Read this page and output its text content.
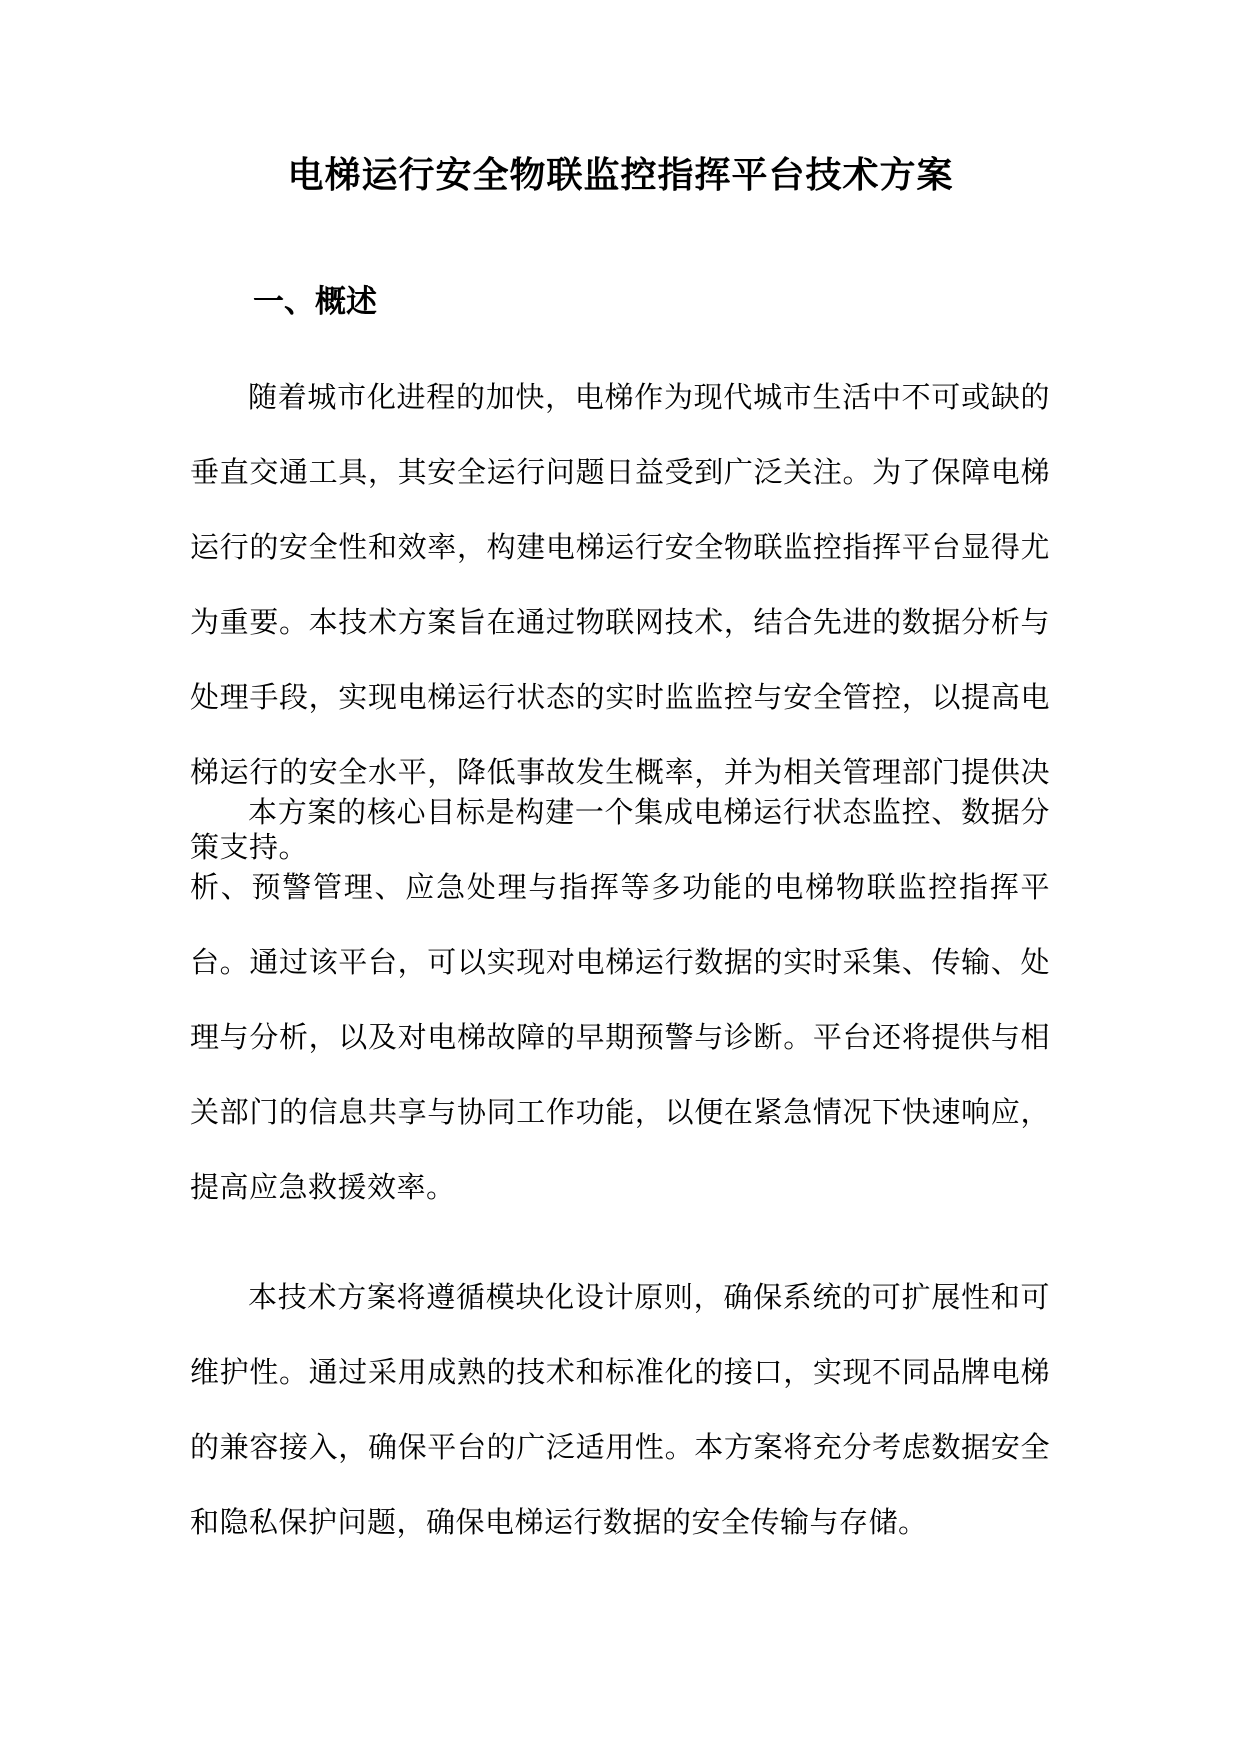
电梯运行安全物联监控指挥平台技术方案
一、概述

随着城市化进程的加快，电梯作为现代城市生活中不可或缺的垂直交通工具，其安全运行问题日益受到广泛关注。为了保障电梯运行的安全性和效率，构建电梯运行安全物联监控指挥平台显得尤为重要。本技术方案旨在通过物联网技术，结合先进的数据分析与处理手段，实现电梯运行状态的实时监监控与安全管控，以提高电梯运行的安全水平，降低事故发生概率，并为相关管理部门提供决策支持。

本方案的核心目标是构建一个集成电梯运行状态监控、数据分析、预警管理、应急处理与指挥等多功能的电梯物联监控指挥平台。通过该平台，可以实现对电梯运行数据的实时采集、传输、处理与分析，以及对电梯故障的早期预警与诊断。平台还将提供与相关部门的信息共享与协同工作功能，以便在紧急情况下快速响应，提高应急救援效率。

本技术方案将遵循模块化设计原则，确保系统的可扩展性和可维护性。通过采用成熟的技术和标准化的接口，实现不同品牌电梯的兼容接入，确保平台的广泛适用性。本方案将充分考虑数据安全和隐私保护问题，确保电梯运行数据的安全传输与存储。
